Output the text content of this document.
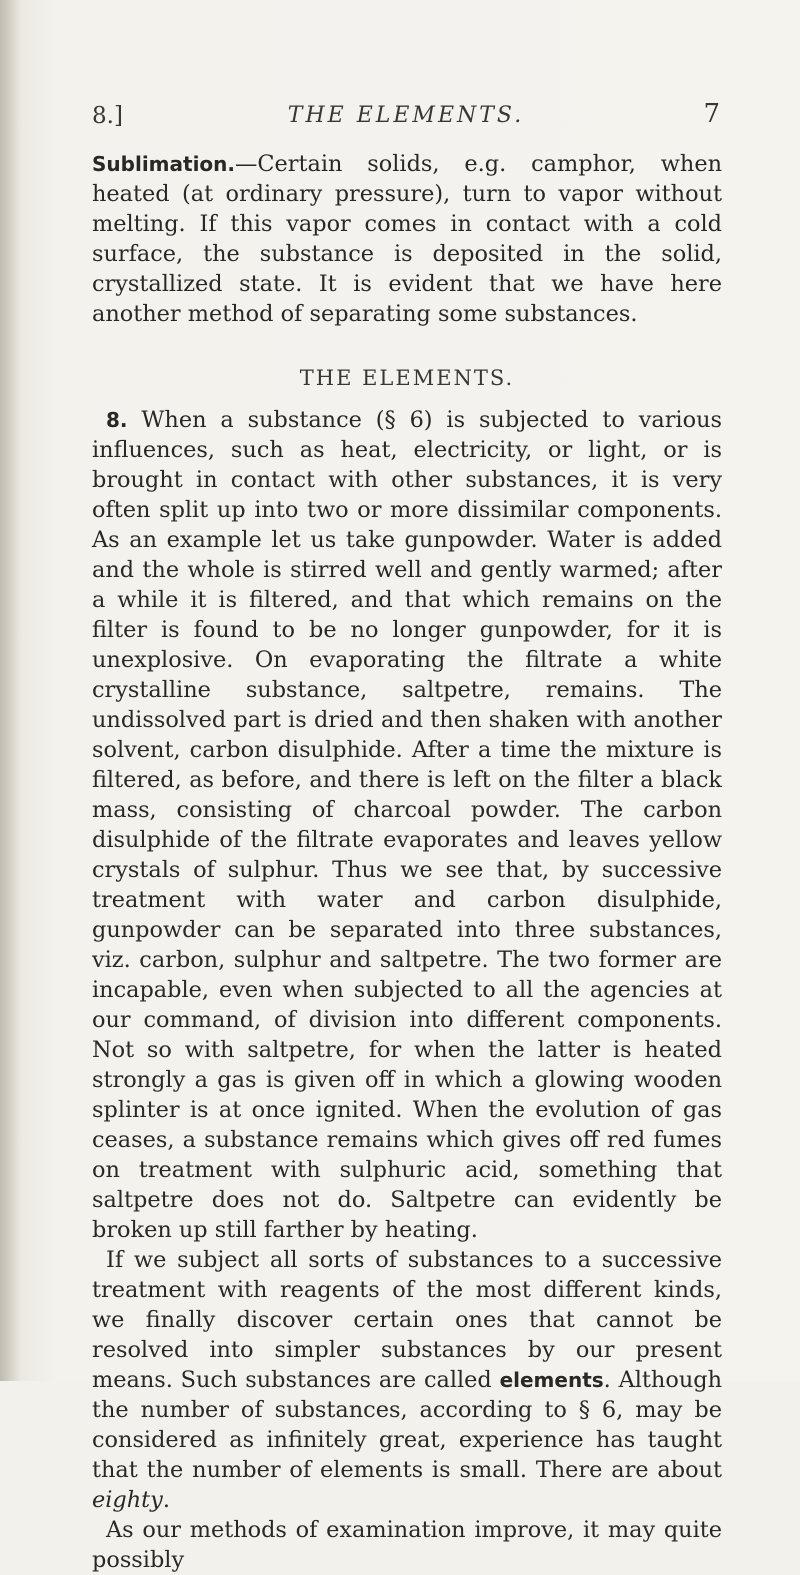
8.]	THE ELEMENTS.	7

Sublimation.—Certain solids, e.g. camphor, when heated (at ordinary pressure), turn to vapor without melting. If this vapor comes in contact with a cold surface, the substance is deposited in the solid, crystallized state. It is evident that we have here another method of separating some substances.

THE ELEMENTS.

8. When a substance (§ 6) is subjected to various influences, such as heat, electricity, or light, or is brought in contact with other substances, it is very often split up into two or more dissimilar components. As an example let us take gunpowder. Water is added and the whole is stirred well and gently warmed; after a while it is filtered, and that which remains on the filter is found to be no longer gunpowder, for it is unexplosive. On evaporating the filtrate a white crystalline substance, saltpetre, remains. The undissolved part is dried and then shaken with another solvent, carbon disulphide. After a time the mixture is filtered, as before, and there is left on the filter a black mass, consisting of charcoal powder. The carbon disulphide of the filtrate evaporates and leaves yellow crystals of sulphur. Thus we see that, by successive treatment with water and carbon disulphide, gunpowder can be separated into three substances, viz. carbon, sulphur and saltpetre. The two former are incapable, even when subjected to all the agencies at our command, of division into different components. Not so with saltpetre, for when the latter is heated strongly a gas is given off in which a glowing wooden splinter is at once ignited. When the evolution of gas ceases, a substance remains which gives off red fumes on treatment with sulphuric acid, something that saltpetre does not do. Saltpetre can evidently be broken up still farther by heating.

If we subject all sorts of substances to a successive treatment with reagents of the most different kinds, we finally discover certain ones that cannot be resolved into simpler substances by our present means. Such substances are called elements. Although the number of substances, according to § 6, may be considered as infinitely great, experience has taught that the number of elements is small. There are about eighty.

As our methods of examination improve, it may quite possibly
